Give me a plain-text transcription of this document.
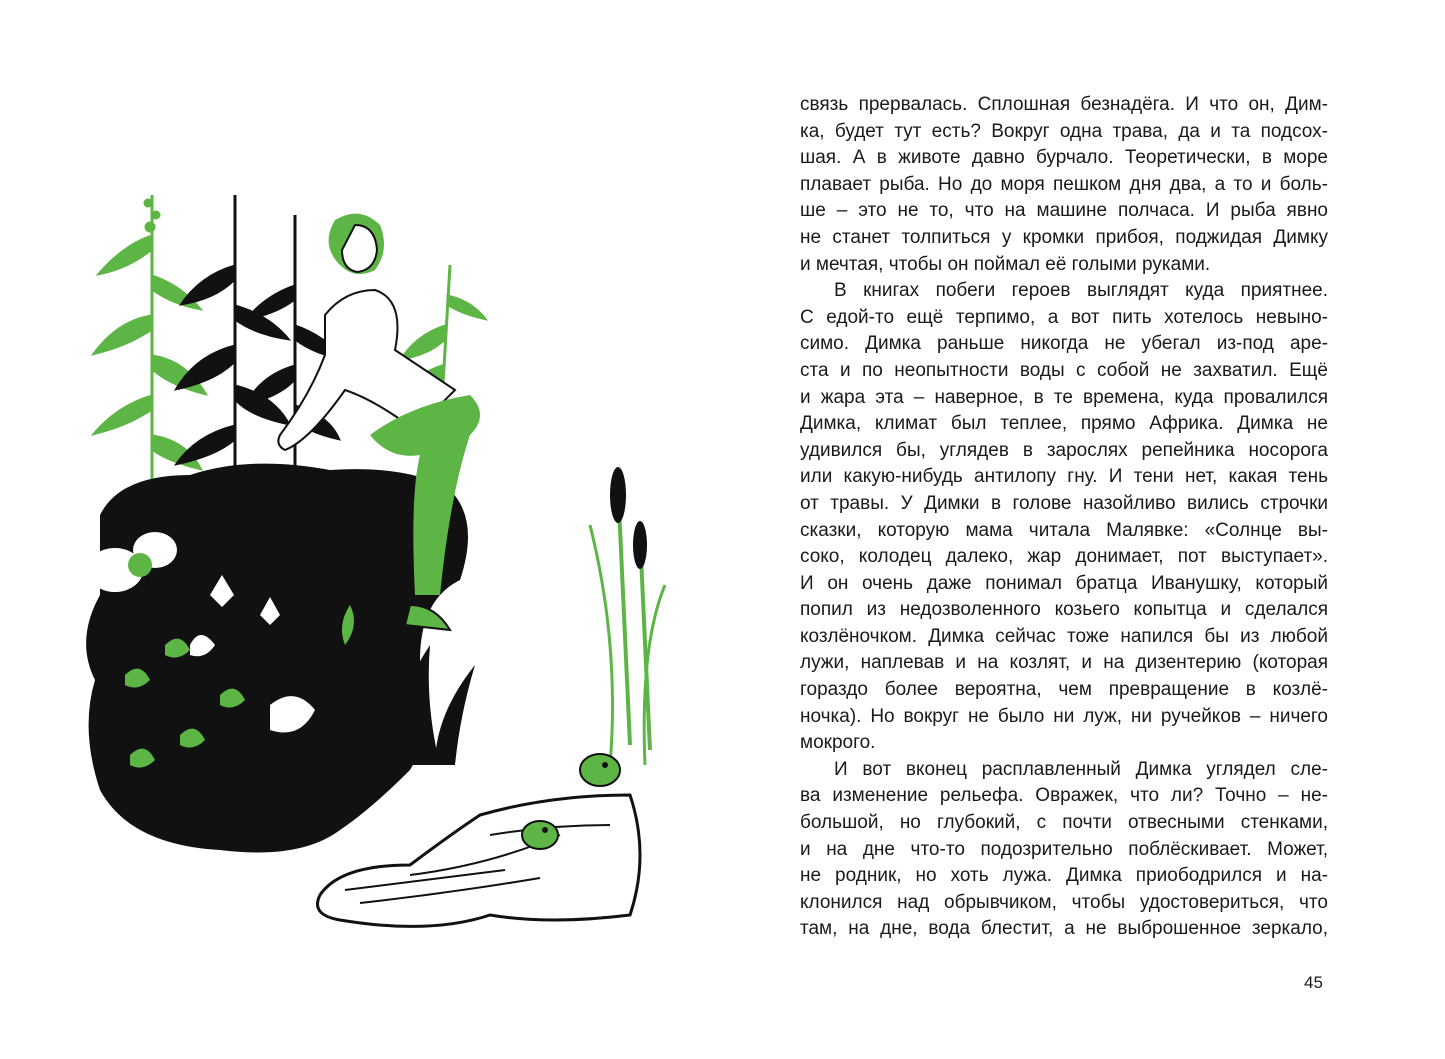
связь прервалась. Сплошная безнадёга. И что он, Дим-
ка, будет тут есть? Вокруг одна трава, да и та подсох-
шая. А в животе давно бурчало. Теоретически, в море
плавает рыба. Но до моря пешком дня два, а то и боль-
ше – это не то, что на машине полчаса. И рыба явно
не станет толпиться у кромки прибоя, поджидая Димку
и мечтая, чтобы он поймал её голыми руками.
В книгах побеги героев выглядят куда приятнее.
С едой-то ещё терпимо, а вот пить хотелось невыно-
симо. Димка раньше никогда не убегал из-под аре-
ста и по неопытности воды с собой не захватил. Ещё
и жара эта – наверное, в те времена, куда провалился
Димка, климат был теплее, прямо Африка. Димка не
удивился бы, углядев в зарослях репейника носорога
или какую-нибудь антилопу гну. И тени нет, какая тень
от травы. У Димки в голове назойливо вились строчки
сказки, которую мама читала Малявке: «Солнце вы-
соко, колодец далеко, жар донимает, пот выступает».
И он очень даже понимал братца Иванушку, который
попил из недозволенного козьего копытца и сделался
козлёночком. Димка сейчас тоже напился бы из любой
лужи, наплевав и на козлят, и на дизентерию (которая
гораздо более вероятна, чем превращение в козлё-
ночка). Но вокруг не было ни луж, ни ручейков – ничего
мокрого.
И вот вконец расплавленный Димка углядел сле-
ва изменение рельефа. Овражек, что ли? Точно – не-
большой, но глубокий, с почти отвесными стенками,
и на дне что-то подозрительно поблёскивает. Может,
не родник, но хоть лужа. Димка приободрился и на-
клонился над обрывчиком, чтобы удостовериться, что
там, на дне, вода блестит, а не выброшенное зеркало,
45
